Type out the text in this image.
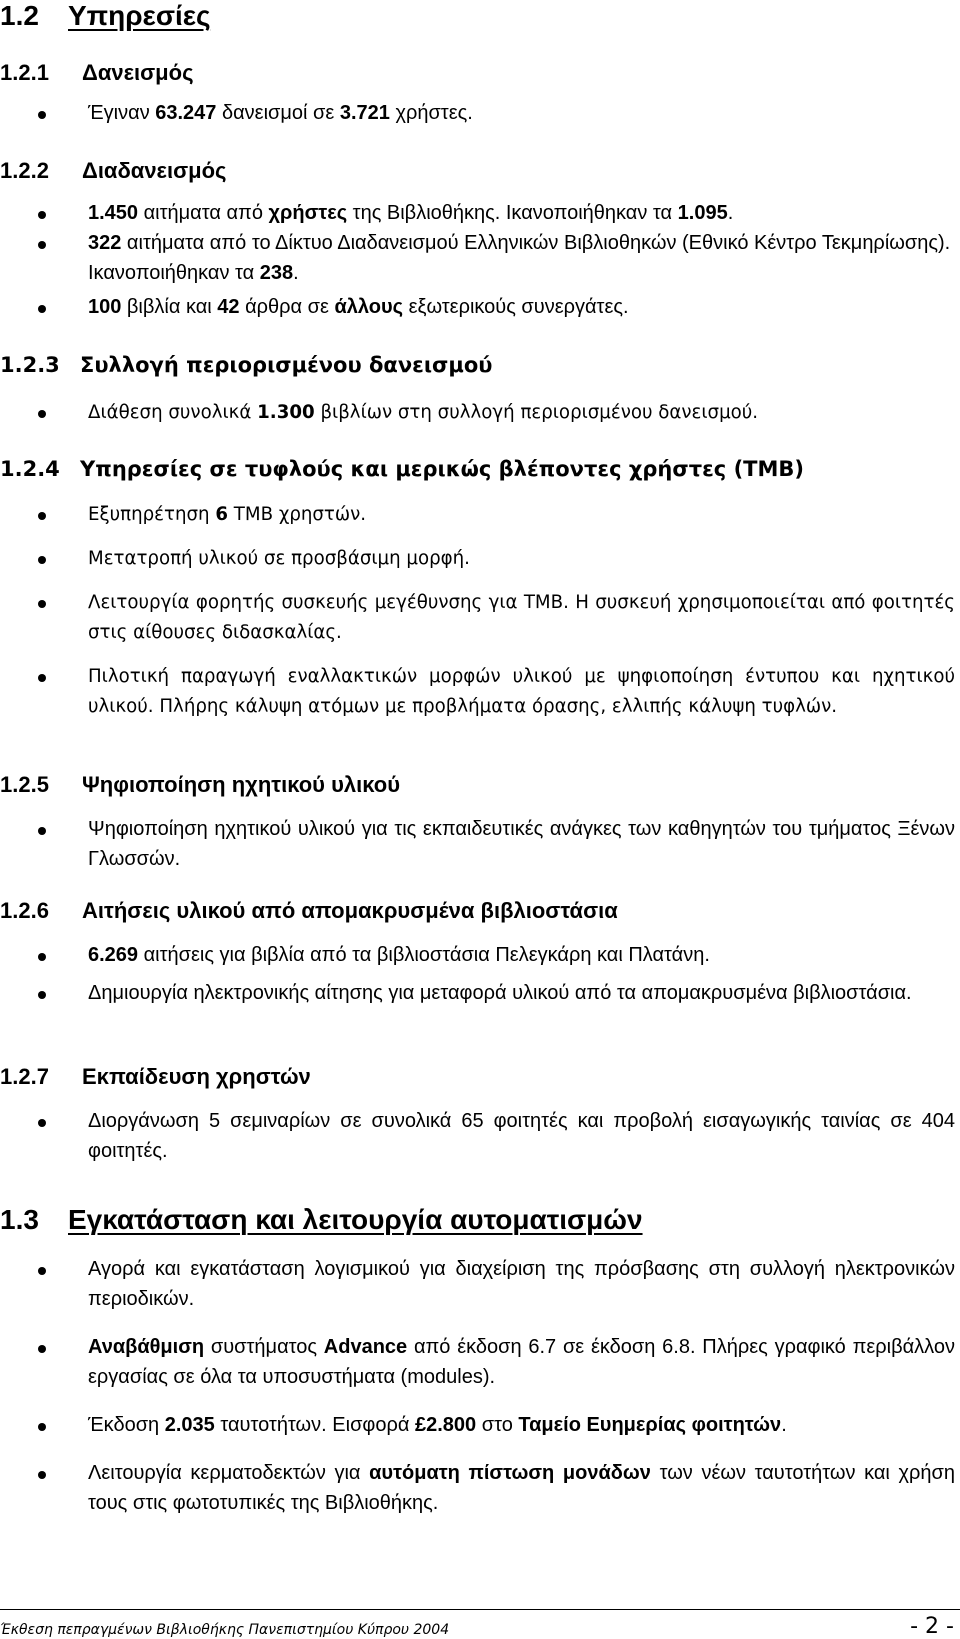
1.2 Υπηρεσίες
1.2.1 Δανεισμός
Έγιναν 63.247 δανεισμοί σε 3.721 χρήστες.
1.2.2 Διαδανεισμός
1.450 αιτήματα από χρήστες της Βιβλιοθήκης. Ικανοποιήθηκαν τα 1.095.
322 αιτήματα από το Δίκτυο Διαδανεισμού Ελληνικών Βιβλιοθηκών (Εθνικό Κέντρο Τεκμηρίωσης). Ικανοποιήθηκαν τα 238.
100 βιβλία και 42 άρθρα σε άλλους εξωτερικούς συνεργάτες.
1.2.3 Συλλογή περιορισμένου δανεισμού
Διάθεση συνολικά 1.300 βιβλίων στη συλλογή περιορισμένου δανεισμού.
1.2.4 Υπηρεσίες σε τυφλούς και μερικώς βλέποντες χρήστες (ΤΜΒ)
Εξυπηρέτηση 6 ΤΜΒ χρηστών.
Μετατροπή υλικού σε προσβάσιμη μορφή.
Λειτουργία φορητής συσκευής μεγέθυνσης για ΤΜΒ. Η συσκευή χρησιμοποιείται από φοιτητές στις αίθουσες διδασκαλίας.
Πιλοτική παραγωγή εναλλακτικών μορφών υλικού με ψηφιοποίηση έντυπου και ηχητικού υλικού. Πλήρης κάλυψη ατόμων με προβλήματα όρασης, ελλιπής κάλυψη τυφλών.
1.2.5 Ψηφιοποίηση ηχητικού υλικού
Ψηφιοποίηση ηχητικού υλικού για τις εκπαιδευτικές ανάγκες των καθηγητών του τμήματος Ξένων Γλωσσών.
1.2.6 Αιτήσεις υλικού από απομακρυσμένα βιβλιοστάσια
6.269 αιτήσεις για βιβλία από τα βιβλιοστάσια Πελεγκάρη και Πλατάνη.
Δημιουργία ηλεκτρονικής αίτησης για μεταφορά υλικού από τα απομακρυσμένα βιβλιοστάσια.
1.2.7 Εκπαίδευση χρηστών
Διοργάνωση 5 σεμιναρίων σε συνολικά 65 φοιτητές και προβολή εισαγωγικής ταινίας σε 404 φοιτητές.
1.3 Εγκατάσταση και λειτουργία αυτοματισμών
Αγορά και εγκατάσταση λογισμικού για διαχείριση της πρόσβασης στη συλλογή ηλεκτρονικών περιοδικών.
Αναβάθμιση συστήματος Advance από έκδοση 6.7 σε έκδοση 6.8. Πλήρες γραφικό περιβάλλον εργασίας σε όλα τα υποσυστήματα (modules).
Έκδοση 2.035 ταυτοτήτων. Εισφορά £2.800 στο Ταμείο Ευημερίας φοιτητών.
Λειτουργία κερματοδεκτών για αυτόματη πίστωση μονάδων των νέων ταυτοτήτων και χρήση τους στις φωτοτυπικές της Βιβλιοθήκης.
Έκθεση πεπραγμένων Βιβλιοθήκης Πανεπιστημίου Κύπρου 2004	- 2 -
